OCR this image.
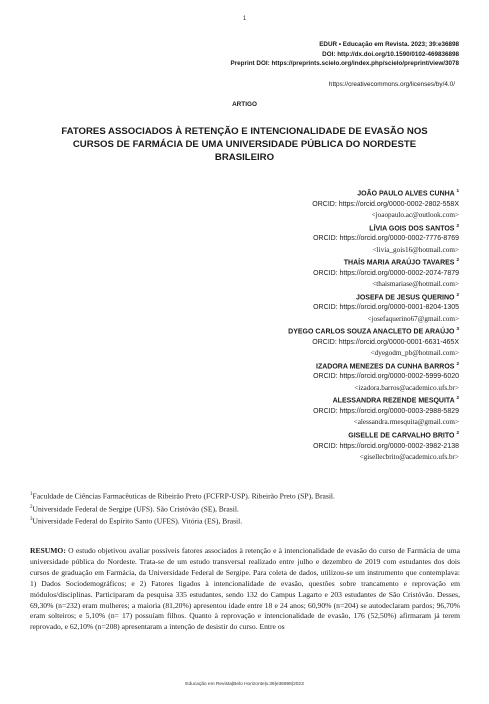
1
EDUR • Educação em Revista. 2023; 39:e36898
DOI: http://dx.doi.org/10.1590/0102-469836898
Preprint DOI: https://preprints.scielo.org/index.php/scielo/preprint/view/3078
https://creativecommons.org/licenses/by/4.0/
ARTIGO
FATORES ASSOCIADOS À RETENÇÃO E INTENCIONALIDADE DE EVASÃO NOS CURSOS DE FARMÁCIA DE UMA UNIVERSIDADE PÚBLICA DO NORDESTE BRASILEIRO
JOÃO PAULO ALVES CUNHA $^1$
ORCID: https://orcid.org/0000-0002-2802-558X
<joaopaulo.ac@outlook.com>
LÍVIA GOIS DOS SANTOS $^2$
ORCID: https://orcid.org/0000-0002-7776-8769
<livia_gois16@hotmail.com>
THAÍS MARIA ARAÚJO TAVARES $^2$
ORCID: https://orcid.org/0000-0002-2074-7879
<thaismariase@hotmail.com>
JOSEFA DE JESUS QUERINO $^2$
ORCID: https://orcid.org/0000-0001-8204-1305
<josefaquerino67@gmail.com>
DYEGO CARLOS SOUZA ANACLETO DE ARAÚJO $^3$
ORCID: https://orcid.org/0000-0001-6631-465X
<dyegodm_pb@hotmail.com>
IZADORA MENEZES DA CUNHA BARROS $^2$
ORCID: https://orcid.org/0000-0002-5999-6020
<izadora.barros@academico.ufs.br>
ALESSANDRA REZENDE MESQUITA $^2$
ORCID: https://orcid.org/0000-0003-2988-5829
<alessandra.rmesquita@gmail.com>
GISELLE DE CARVALHO BRITO $^2$
ORCID: https://orcid.org/0000-0002-3982-2138
<gisellecbrito@academico.ufs.br>
$^1$Faculdade de Ciências Farmacêuticas de Ribeirão Preto (FCFRP-USP). Ribeirão Preto (SP), Brasil.
$^2$Universidade Federal de Sergipe (UFS). São Cristóvão (SE), Brasil.
$^3$Universidade Federal do Espírito Santo (UFES). Vitória (ES), Brasil.
RESUMO: O estudo objetivou avaliar possíveis fatores associados à retenção e à intencionalidade de evasão do curso de Farmácia de uma universidade pública do Nordeste. Trata-se de um estudo transversal realizado entre julho e dezembro de 2019 com estudantes dos dois cursos de graduação em Farmácia, da Universidade Federal de Sergipe. Para coleta de dados, utilizou-se um instrumento que contemplava: 1) Dados Sociodemográficos; e 2) Fatores ligados à intencionalidade de evasão, questões sobre trancamento e reprovação em módulos/disciplinas. Participaram da pesquisa 335 estudantes, sendo 132 do Campus Lagarto e 203 estudantes de São Cristóvão. Desses, 69,30% (n=232) eram mulheres; a maioria (81,20%) apresentou idade entre 18 e 24 anos; 60,90% (n=204) se autodeclaram pardos; 96,70% eram solteiros; e 5,10% (n= 17) possuíam filhos. Quanto à reprovação e intencionalidade de evasão, 176 (52,50%) afirmaram já terem reprovado, e 62,10% (n=208) apresentaram a intenção de desistir do curso. Entre os
Educação em Revista|Belo Horizonte|v.39|e36898|2023
